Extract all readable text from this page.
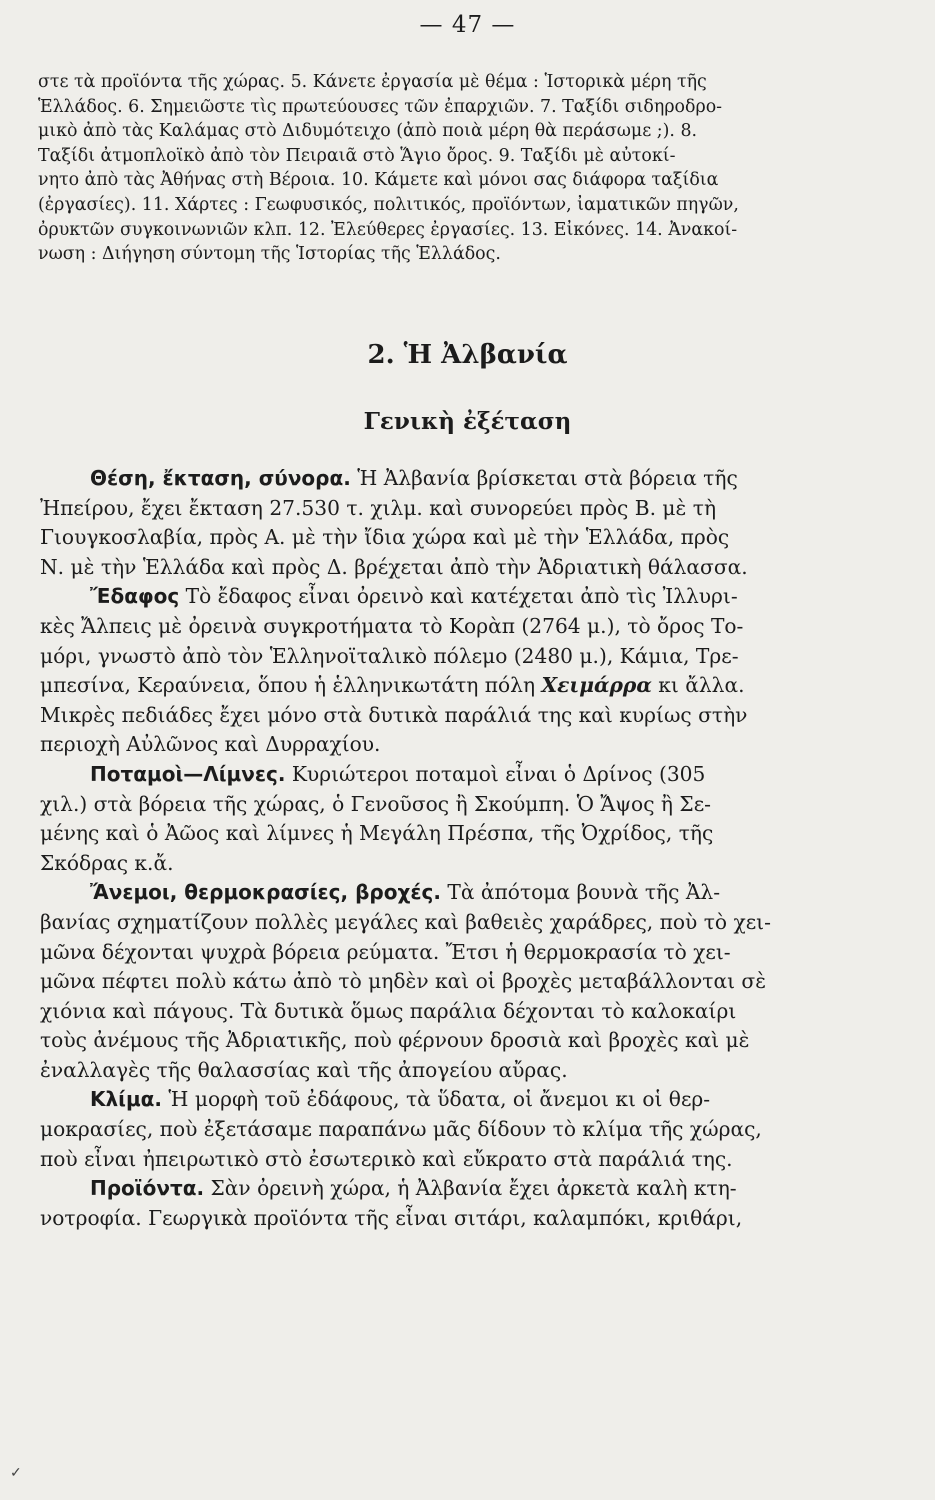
— 47 —
στε τὰ προϊόντα τῆς χώρας. 5. Κάνετε ἐργασία μὲ θέμα : Ἱστορικὰ μέρη τῆς
Ἑλλάδος. 6. Σημειῶστε τὶς πρωτεύουσες τῶν ἐπαρχιῶν. 7. Ταξίδι σιδηροδρο-
μικὸ ἀπὸ τὰς Καλάμας στὸ Διδυμότειχο (ἀπὸ ποιὰ μέρη θὰ περάσωμε ;). 8.
Ταξίδι ἀτμοπλοϊκὸ ἀπὸ τὸν Πειραιᾶ στὸ Ἅγιο ὄρος. 9. Ταξίδι μὲ αὐτοκί-
νητο ἀπὸ τὰς Ἀθήνας στὴ Βέροια. 10. Κάμετε καὶ μόνοι σας διάφορα ταξίδια
(ἐργασίες). 11. Χάρτες : Γεωφυσικός, πολιτικός, προϊόντων, ἰαματικῶν πηγῶν,
ὀρυκτῶν συγκοινωνιῶν κλπ. 12. Ἐλεύθερες ἐργασίες. 13. Εἰκόνες. 14. Ἀνακοί-
νωση : Διήγηση σύντομη τῆς Ἱστορίας τῆς Ἑλλάδος.
2. Ἡ Ἀλβανία
Γενικὴ ἐξέταση
Θέση, ἔκταση, σύνορα. Ἡ Ἀλβανία βρίσκεται στὰ βόρεια τῆς
Ἠπείρου, ἔχει ἔκταση 27.530 τ. χιλμ. καὶ συνορεύει πρὸς Β. μὲ τὴ
Γιουγκοσλαβία, πρὸς Α. μὲ τὴν ἴδια χώρα καὶ μὲ τὴν Ἑλλάδα, πρὸς
Ν. μὲ τὴν Ἑλλάδα καὶ πρὸς Δ. βρέχεται ἀπὸ τὴν Ἀδριατικὴ θάλασσα.
Ἔδαφος Τὸ ἔδαφος εἶναι ὀρεινὸ καὶ κατέχεται ἀπὸ τὶς Ἰλλυρι-
κὲς Ἄλπεις μὲ ὀρεινὰ συγκροτήματα τὸ Κορὰπ (2764 μ.), τὸ ὄρος Το-
μόρι, γνωστὸ ἀπὸ τὸν Ἑλληνοϊταλικὸ πόλεμο (2480 μ.), Κάμια, Τρε-
μπεσίνα, Κεραύνεια, ὅπου ἡ ἑλληνικωτάτη πόλη Χειμάρρα κι ἄλλα.
Μικρὲς πεδιάδες ἔχει μόνο στὰ δυτικὰ παράλιά της καὶ κυρίως στὴν
περιοχὴ Αὐλῶνος καὶ Δυρραχίου.
Ποταμοὶ—Λίμνες. Κυριώτεροι ποταμοὶ εἶναι ὁ Δρίνος (305
χιλ.) στὰ βόρεια τῆς χώρας, ὁ Γενοῦσος ἢ Σκούμπη. Ὁ Ἄψος ἢ Σε-
μένης καὶ ὁ Ἀῶος καὶ λίμνες ἡ Μεγάλη Πρέσπα, τῆς Ὀχρίδος, τῆς
Σκόδρας κ.ἄ.
Ἄνεμοι, θερμοκρασίες, βροχές. Τὰ ἀπότομα βουνὰ τῆς Ἀλ-
βανίας σχηματίζουν πολλὲς μεγάλες καὶ βαθειὲς χαράδρες, ποὺ τὸ χει-
μῶνα δέχονται ψυχρὰ βόρεια ρεύματα. Ἔτσι ἡ θερμοκρασία τὸ χει-
μῶνα πέφτει πολὺ κάτω ἀπὸ τὸ μηδὲν καὶ οἱ βροχὲς μεταβάλλονται σὲ
χιόνια καὶ πάγους. Τὰ δυτικὰ ὅμως παράλια δέχονται τὸ καλοκαίρι
τοὺς ἀνέμους τῆς Ἀδριατικῆς, ποὺ φέρνουν δροσιὰ καὶ βροχὲς καὶ μὲ
ἐναλλαγὲς τῆς θαλασσίας καὶ τῆς ἀπογείου αὔρας.
Κλίμα. Ἡ μορφὴ τοῦ ἐδάφους, τὰ ὕδατα, οἱ ἄνεμοι κι οἱ θερ-
μοκρασίες, ποὺ ἐξετάσαμε παραπάνω μᾶς δίδουν τὸ κλίμα τῆς χώρας,
ποὺ εἶναι ἠπειρωτικὸ στὸ ἐσωτερικὸ καὶ εὔκρατο στὰ παράλιά της.
Προϊόντα. Σὰν ὀρεινὴ χώρα, ἡ Ἀλβανία ἔχει ἀρκετὰ καλὴ κτη-
νοτροφία. Γεωργικὰ προϊόντα τῆς εἶναι σιτάρι, καλαμπόκι, κριθάρι,
✓
